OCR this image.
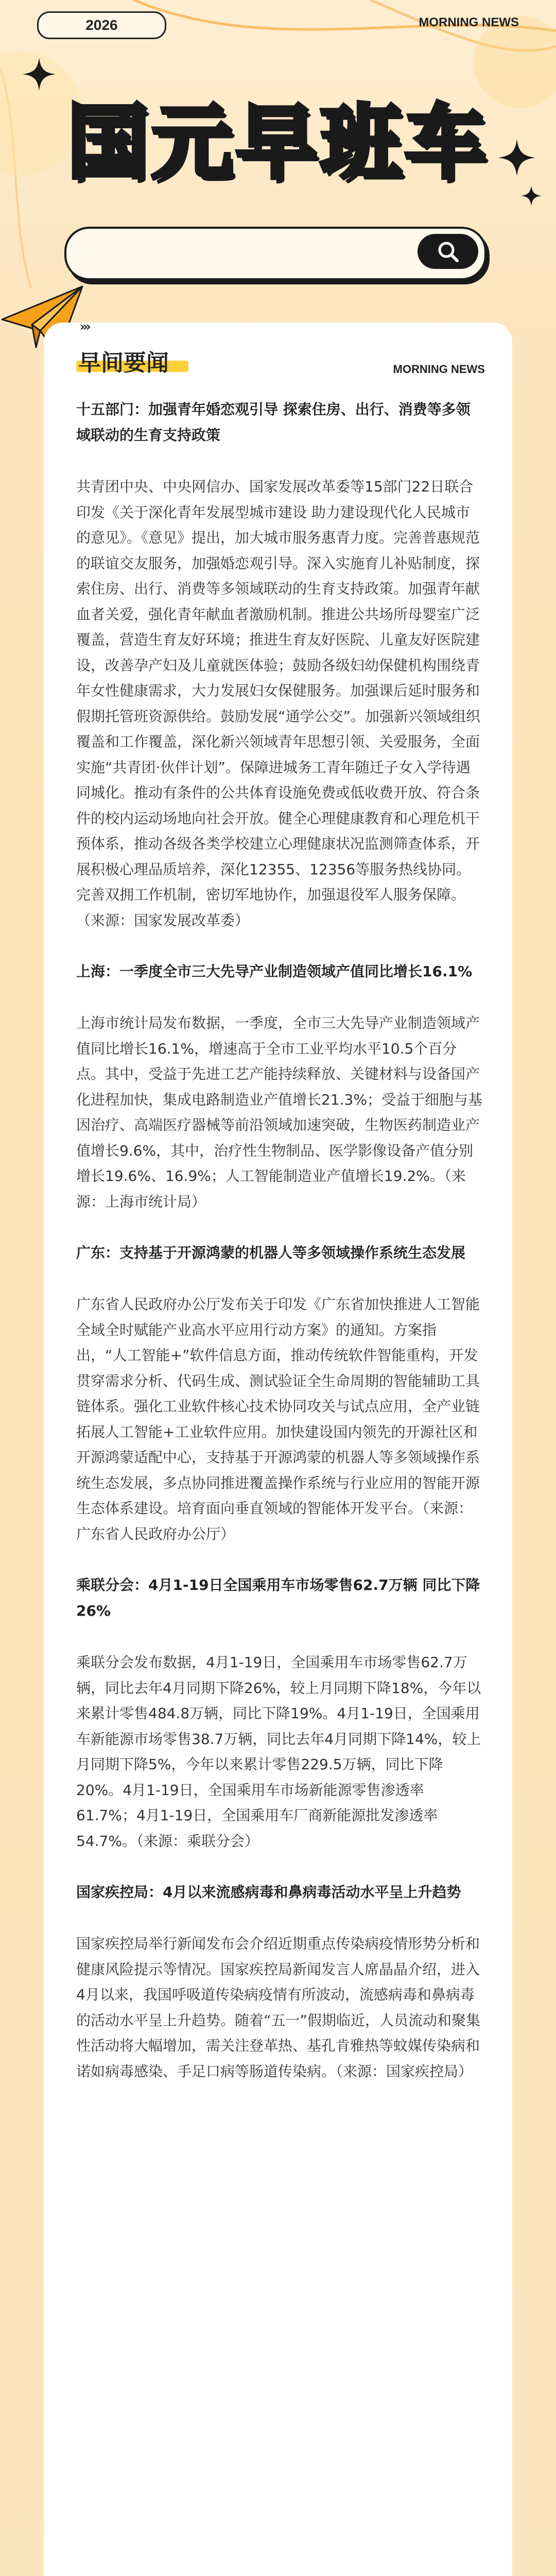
2026	MORNING NEWS
国元早班车
›››
早间要闻	MORNING NEWS

十五部门：加强青年婚恋观引导 探索住房、出行、消费等多领域联动的生育支持政策

共青团中央、中央网信办、国家发展改革委等15部门22日联合印发《关于深化青年发展型城市建设 助力建设现代化人民城市的意见》。《意见》提出，加大城市服务惠青力度。完善普惠规范的联谊交友服务，加强婚恋观引导。深入实施育儿补贴制度，探索住房、出行、消费等多领域联动的生育支持政策。加强青年献血者关爱，强化青年献血者激励机制。推进公共场所母婴室广泛覆盖，营造生育友好环境；推进生育友好医院、儿童友好医院建设，改善孕产妇及儿童就医体验；鼓励各级妇幼保健机构围绕青年女性健康需求，大力发展妇女保健服务。加强课后延时服务和假期托管班资源供给。鼓励发展“通学公交”。加强新兴领域组织覆盖和工作覆盖，深化新兴领域青年思想引领、关爱服务，全面实施“共青团·伙伴计划”。保障进城务工青年随迁子女入学待遇同城化。推动有条件的公共体育设施免费或低收费开放、符合条件的校内运动场地向社会开放。健全心理健康教育和心理危机干预体系，推动各级各类学校建立心理健康状况监测筛查体系，开展积极心理品质培养，深化12355、12356等服务热线协同。完善双拥工作机制，密切军地协作，加强退役军人服务保障。（来源：国家发展改革委）

上海：一季度全市三大先导产业制造领域产值同比增长16.1%

上海市统计局发布数据，一季度，全市三大先导产业制造领域产值同比增长16.1%，增速高于全市工业平均水平10.5个百分点。其中，受益于先进工艺产能持续释放、关键材料与设备国产化进程加快，集成电路制造业产值增长21.3%；受益于细胞与基因治疗、高端医疗器械等前沿领域加速突破，生物医药制造业产值增长9.6%，其中，治疗性生物制品、医学影像设备产值分别增长19.6%、16.9%；人工智能制造业产值增长19.2%。（来源：上海市统计局）

广东：支持基于开源鸿蒙的机器人等多领域操作系统生态发展

广东省人民政府办公厅发布关于印发《广东省加快推进人工智能全域全时赋能产业高水平应用行动方案》的通知。方案指出，“人工智能+”软件信息方面，推动传统软件智能重构，开发贯穿需求分析、代码生成、测试验证全生命周期的智能辅助工具链体系。强化工业软件核心技术协同攻关与试点应用，全产业链拓展人工智能+工业软件应用。加快建设国内领先的开源社区和开源鸿蒙适配中心，支持基于开源鸿蒙的机器人等多领域操作系统生态发展，多点协同推进覆盖操作系统与行业应用的智能开源生态体系建设。培育面向垂直领域的智能体开发平台。（来源：广东省人民政府办公厅）

乘联分会：4月1-19日全国乘用车市场零售62.7万辆 同比下降26%

乘联分会发布数据，4月1-19日，全国乘用车市场零售62.7万辆，同比去年4月同期下降26%，较上月同期下降18%，今年以来累计零售484.8万辆，同比下降19%。4月1-19日，全国乘用车新能源市场零售38.7万辆，同比去年4月同期下降14%，较上月同期下降5%，今年以来累计零售229.5万辆，同比下降20%。4月1-19日，全国乘用车市场新能源零售渗透率61.7%；4月1-19日，全国乘用车厂商新能源批发渗透率54.7%。（来源：乘联分会）

国家疾控局：4月以来流感病毒和鼻病毒活动水平呈上升趋势

国家疾控局举行新闻发布会介绍近期重点传染病疫情形势分析和健康风险提示等情况。国家疾控局新闻发言人席晶晶介绍，进入4月以来，我国呼吸道传染病疫情有所波动，流感病毒和鼻病毒的活动水平呈上升趋势。随着“五一”假期临近，人员流动和聚集性活动将大幅增加，需关注登革热、基孔肯雅热等蚊媒传染病和诺如病毒感染、手足口病等肠道传染病。（来源：国家疾控局）
